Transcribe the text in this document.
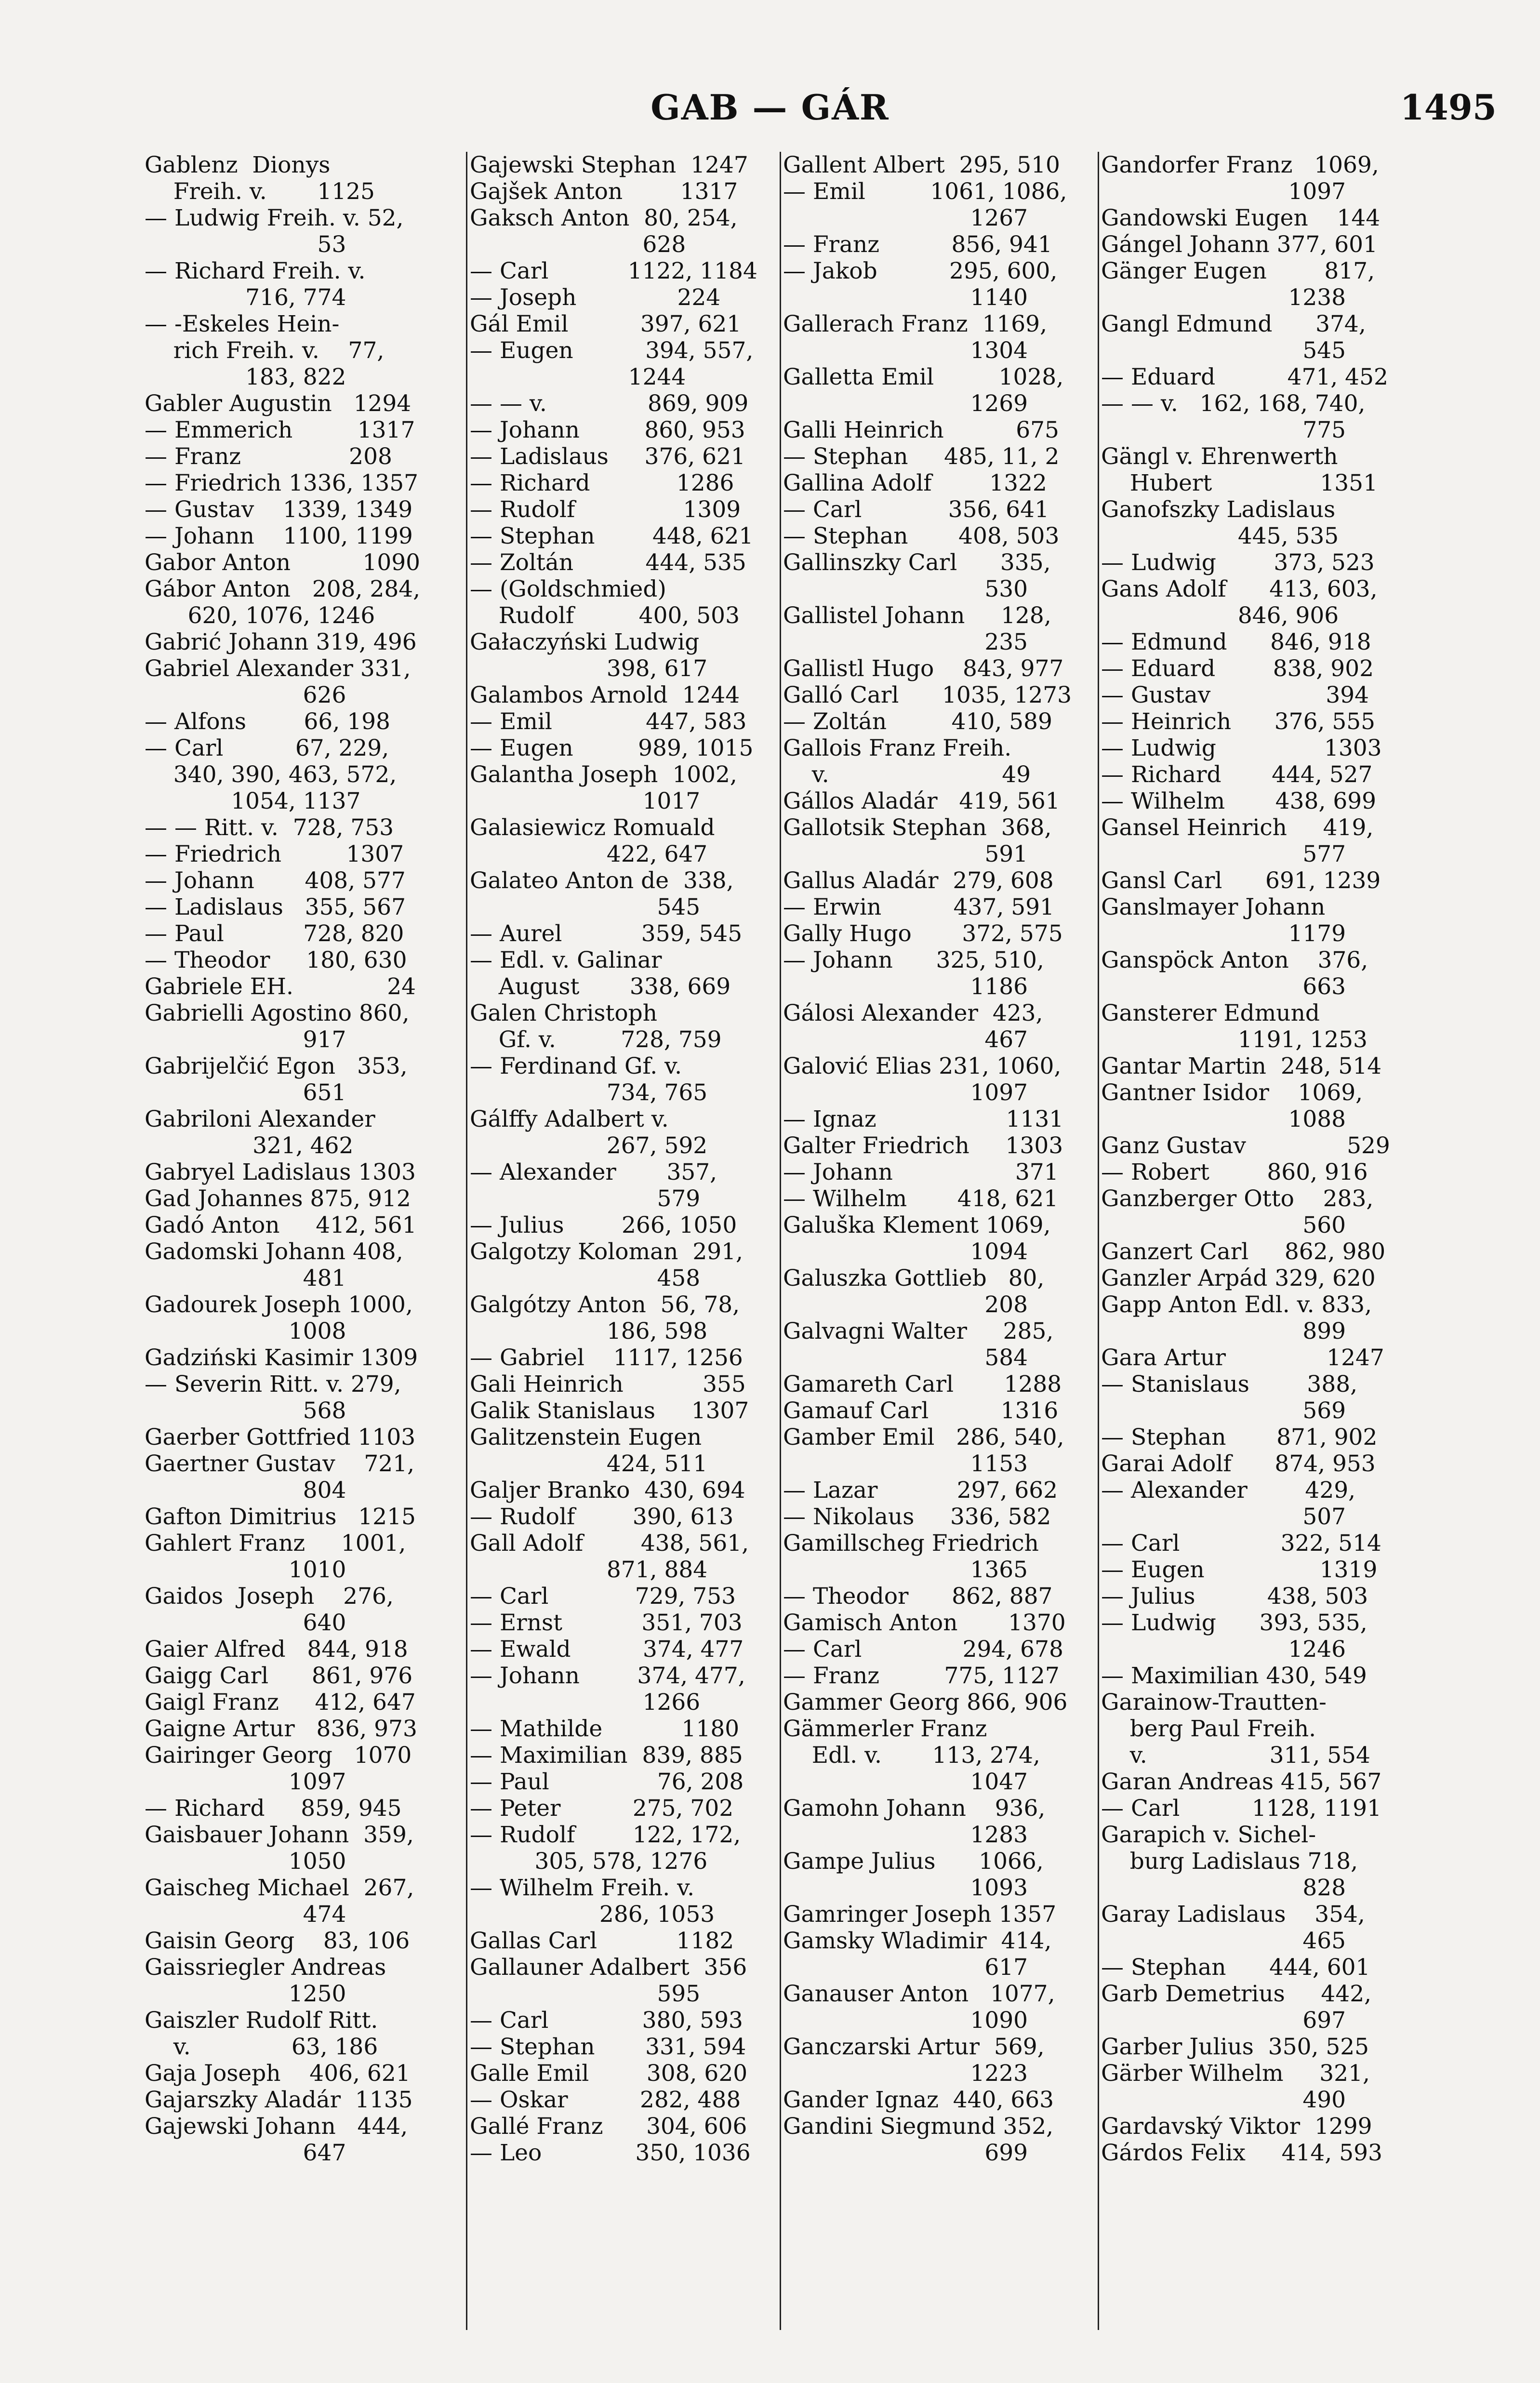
GAB — GÁR	1495
Gablenz  Dionys
Freih. v.       1125
— Ludwig Freih. v. 52,
53
— Richard Freih. v.
716, 774
— -Eskeles Hein-
rich Freih. v.    77,
183, 822
Gabler Augustin   1294
— Emmerich         1317
— Franz               208
— Friedrich 1336, 1357
— Gustav    1339, 1349
— Johann    1100, 1199
Gabor Anton          1090
Gábor Anton   208, 284,
620, 1076, 1246
Gabrić Johann 319, 496
Gabriel Alexander 331,
626
— Alfons        66, 198
— Carl          67, 229,
340, 390, 463, 572,
1054, 1137
— — Ritt. v.  728, 753
— Friedrich         1307
— Johann       408, 577
— Ladislaus   355, 567
— Paul           728, 820
— Theodor     180, 630
Gabriele EH.             24
Gabrielli Agostino 860,
917
Gabrijelčić Egon   353,
651
Gabriloni Alexander
321, 462
Gabryel Ladislaus 1303
Gad Johannes 875, 912
Gadó Anton     412, 561
Gadomski Johann 408,
481
Gadourek Joseph 1000,
1008
Gadziński Kasimir 1309
— Severin Ritt. v. 279,
568
Gaerber Gottfried 1103
Gaertner Gustav    721,
804
Gafton Dimitrius   1215
Gahlert Franz     1001,
1010
Gaidos  Joseph    276,
640
Gaier Alfred   844, 918
Gaigg Carl      861, 976
Gaigl Franz     412, 647
Gaigne Artur   836, 973
Gairinger Georg   1070
1097
— Richard     859, 945
Gaisbauer Johann  359,
1050
Gaischeg Michael  267,
474
Gaisin Georg    83, 106
Gaissriegler Andreas
1250
Gaiszler Rudolf Ritt.
v.              63, 186
Gaja Joseph    406, 621
Gajarszky Aladár  1135
Gajewski Johann   444,
647
Gajewski Stephan  1247
Gajšek Anton        1317
Gaksch Anton  80, 254,
628
— Carl           1122, 1184
— Joseph              224
Gál Emil          397, 621
— Eugen          394, 557,
1244
— — v.              869, 909
— Johann         860, 953
— Ladislaus     376, 621
— Richard            1286
— Rudolf               1309
— Stephan        448, 621
— Zoltán          444, 535
— (Goldschmied)
Rudolf         400, 503
Gałaczyński Ludwig
398, 617
Galambos Arnold  1244
— Emil             447, 583
— Eugen         989, 1015
Galantha Joseph  1002,
1017
Galasiewicz Romuald
422, 647
Galateo Anton de  338,
545
— Aurel           359, 545
— Edl. v. Galinar
August       338, 669
Galen Christoph
Gf. v.         728, 759
— Ferdinand Gf. v.
734, 765
Gálffy Adalbert v.
267, 592
— Alexander       357,
579
— Julius        266, 1050
Galgotzy Koloman  291,
458
Galgótzy Anton  56, 78,
186, 598
— Gabriel    1117, 1256
Gali Heinrich           355
Galik Stanislaus     1307
Galitzenstein Eugen
424, 511
Galjer Branko  430, 694
— Rudolf        390, 613
Gall Adolf        438, 561,
871, 884
— Carl            729, 753
— Ernst           351, 703
— Ewald          374, 477
— Johann        374, 477,
1266
— Mathilde           1180
— Maximilian  839, 885
— Paul               76, 208
— Peter          275, 702
— Rudolf        122, 172,
305, 578, 1276
— Wilhelm Freih. v.
286, 1053
Gallas Carl           1182
Gallauner Adalbert  356
595
— Carl             380, 593
— Stephan       331, 594
Galle Emil        308, 620
— Oskar          282, 488
Gallé Franz      304, 606
— Leo             350, 1036
Gallent Albert  295, 510
— Emil         1061, 1086,
1267
— Franz          856, 941
— Jakob          295, 600,
1140
Gallerach Franz  1169,
1304
Galletta Emil         1028,
1269
Galli Heinrich          675
— Stephan     485, 11, 2
Gallina Adolf        1322
— Carl            356, 641
— Stephan       408, 503
Gallinszky Carl      335,
530
Gallistel Johann     128,
235
Gallistl Hugo    843, 977
Galló Carl      1035, 1273
— Zoltán         410, 589
Gallois Franz Freih.
v.                        49
Gállos Aladár   419, 561
Gallotsik Stephan  368,
591
Gallus Aladár  279, 608
— Erwin          437, 591
Gally Hugo       372, 575
— Johann      325, 510,
1186
Gálosi Alexander  423,
467
Galović Elias 231, 1060,
1097
— Ignaz                  1131
Galter Friedrich     1303
— Johann                 371
— Wilhelm       418, 621
Galuška Klement 1069,
1094
Galuszka Gottlieb   80,
208
Galvagni Walter     285,
584
Gamareth Carl       1288
Gamauf Carl          1316
Gamber Emil   286, 540,
1153
— Lazar           297, 662
— Nikolaus     336, 582
Gamillscheg Friedrich
1365
— Theodor      862, 887
Gamisch Anton       1370
— Carl              294, 678
— Franz         775, 1127
Gammer Georg 866, 906
Gämmerler Franz
Edl. v.       113, 274,
1047
Gamohn Johann    936,
1283
Gampe Julius      1066,
1093
Gamringer Joseph 1357
Gamsky Wladimir  414,
617
Ganauser Anton   1077,
1090
Ganczarski Artur  569,
1223
Gander Ignaz  440, 663
Gandini Siegmund 352,
699
Gandorfer Franz   1069,
1097
Gandowski Eugen    144
Gángel Johann 377, 601
Gänger Eugen        817,
1238
Gangl Edmund      374,
545
— Eduard          471, 452
— — v.   162, 168, 740,
775
Gängl v. Ehrenwerth
Hubert               1351
Ganofszky Ladislaus
445, 535
— Ludwig        373, 523
Gans Adolf      413, 603,
846, 906
— Edmund      846, 918
— Eduard        838, 902
— Gustav                394
— Heinrich      376, 555
— Ludwig               1303
— Richard       444, 527
— Wilhelm       438, 699
Gansel Heinrich     419,
577
Gansl Carl      691, 1239
Ganslmayer Johann
1179
Ganspöck Anton    376,
663
Gansterer Edmund
1191, 1253
Gantar Martin  248, 514
Gantner Isidor    1069,
1088
Ganz Gustav              529
— Robert        860, 916
Ganzberger Otto    283,
560
Ganzert Carl     862, 980
Ganzler Arpád 329, 620
Gapp Anton Edl. v. 833,
899
Gara Artur              1247
— Stanislaus        388,
569
— Stephan       871, 902
Garai Adolf      874, 953
— Alexander        429,
507
— Carl              322, 514
— Eugen                1319
— Julius          438, 503
— Ludwig      393, 535,
1246
— Maximilian 430, 549
Garainow-Trautten-
berg Paul Freih.
v.                 311, 554
Garan Andreas 415, 567
— Carl          1128, 1191
Garapich v. Sichel-
burg Ladislaus 718,
828
Garay Ladislaus    354,
465
— Stephan      444, 601
Garb Demetrius     442,
697
Garber Julius  350, 525
Gärber Wilhelm     321,
490
Gardavský Viktor  1299
Gárdos Felix     414, 593
